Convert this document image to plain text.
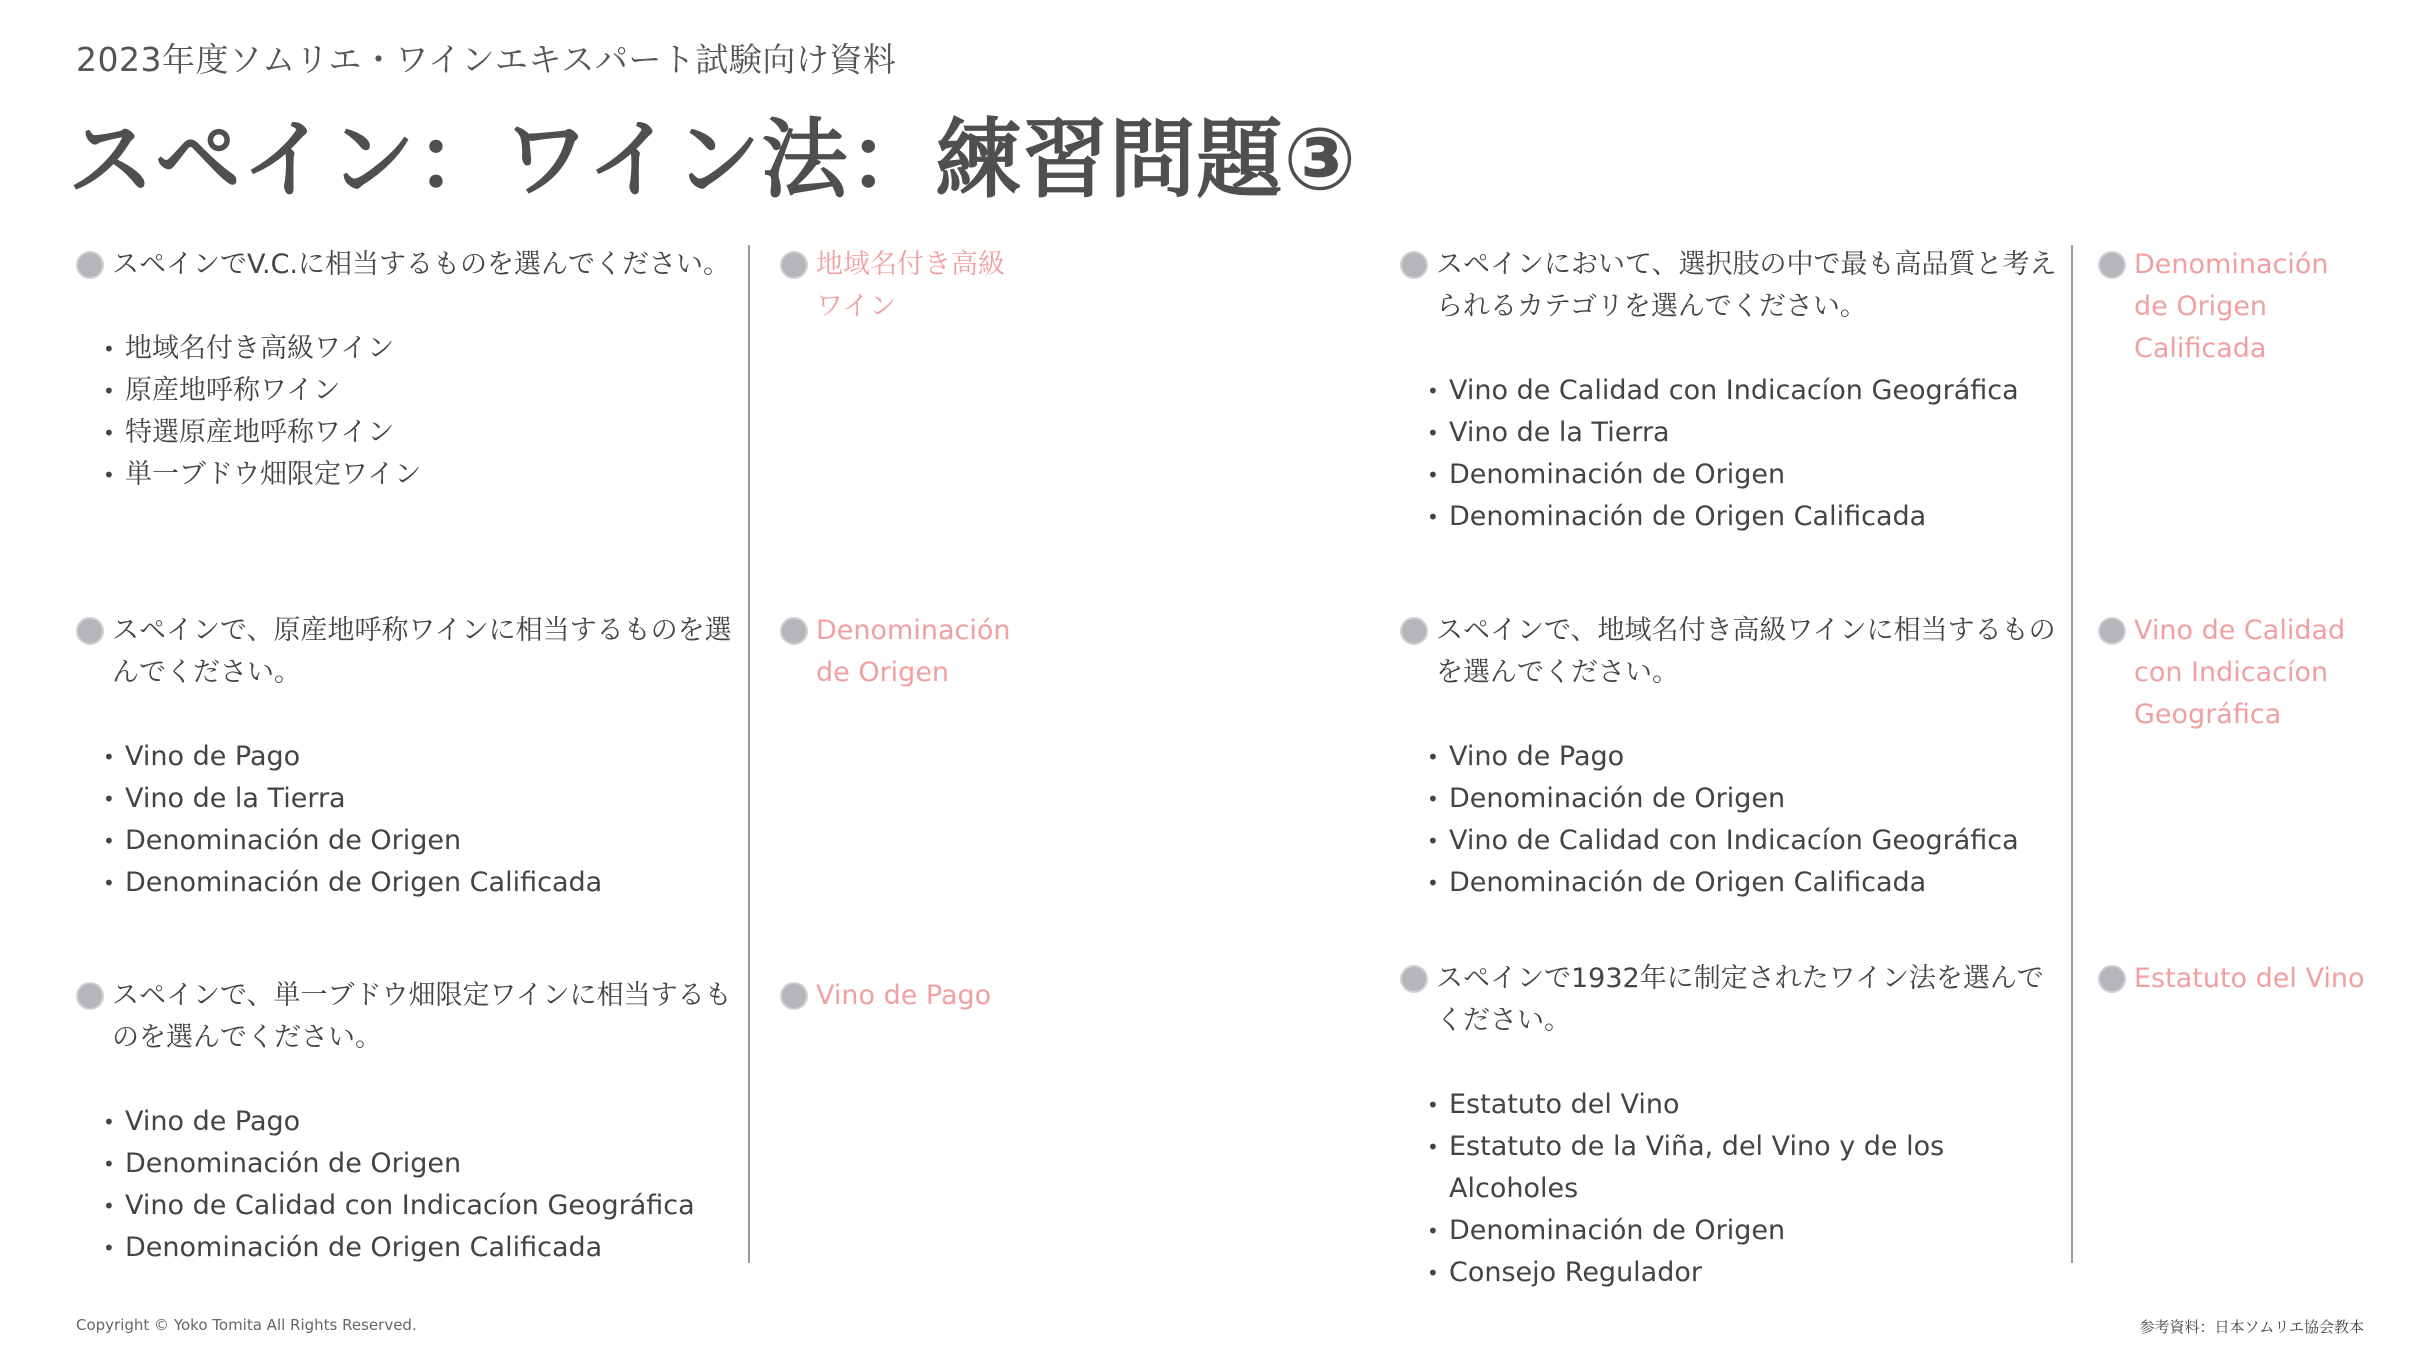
2023年度ソムリエ・ワインエキスパート試験向け資料
スペイン：ワイン法：練習問題③
スペインでV.C.に相当するものを選んでください。
• 地域名付き高級ワイン
• 原産地呼称ワイン
• 特選原産地呼称ワイン
• 単一ブドウ畑限定ワイン
地域名付き高級ワイン
スペインで、原産地呼称ワインに相当するものを選んでください。
• Vino de Pago
• Vino de la Tierra
• Denominación de Origen
• Denominación de Origen Calificada
Denominación de Origen
スペインで、単一ブドウ畑限定ワインに相当するものを選んでください。
• Vino de Pago
• Denominación de Origen
• Vino de Calidad con Indicacíon Geográfica
• Denominación de Origen Calificada
Vino de Pago
スペインにおいて、選択肢の中で最も高品質と考えられるカテゴリを選んでください。
• Vino de Calidad con Indicacíon Geográfica
• Vino de la Tierra
• Denominación de Origen
• Denominación de Origen Calificada
Denominación de Origen Calificada
スペインで、地域名付き高級ワインに相当するものを選んでください。
• Vino de Pago
• Denominación de Origen
• Vino de Calidad con Indicacíon Geográfica
• Denominación de Origen Calificada
Vino de Calidad con Indicacíon Geográfica
スペインで1932年に制定されたワイン法を選んでください。
• Estatuto del Vino
• Estatuto de la Viña, del Vino y de los Alcoholes
• Denominación de Origen
• Consejo Regulador
Estatuto del Vino
Copyright © Yoko Tomita All Rights Reserved.	参考資料：日本ソムリエ協会教本
